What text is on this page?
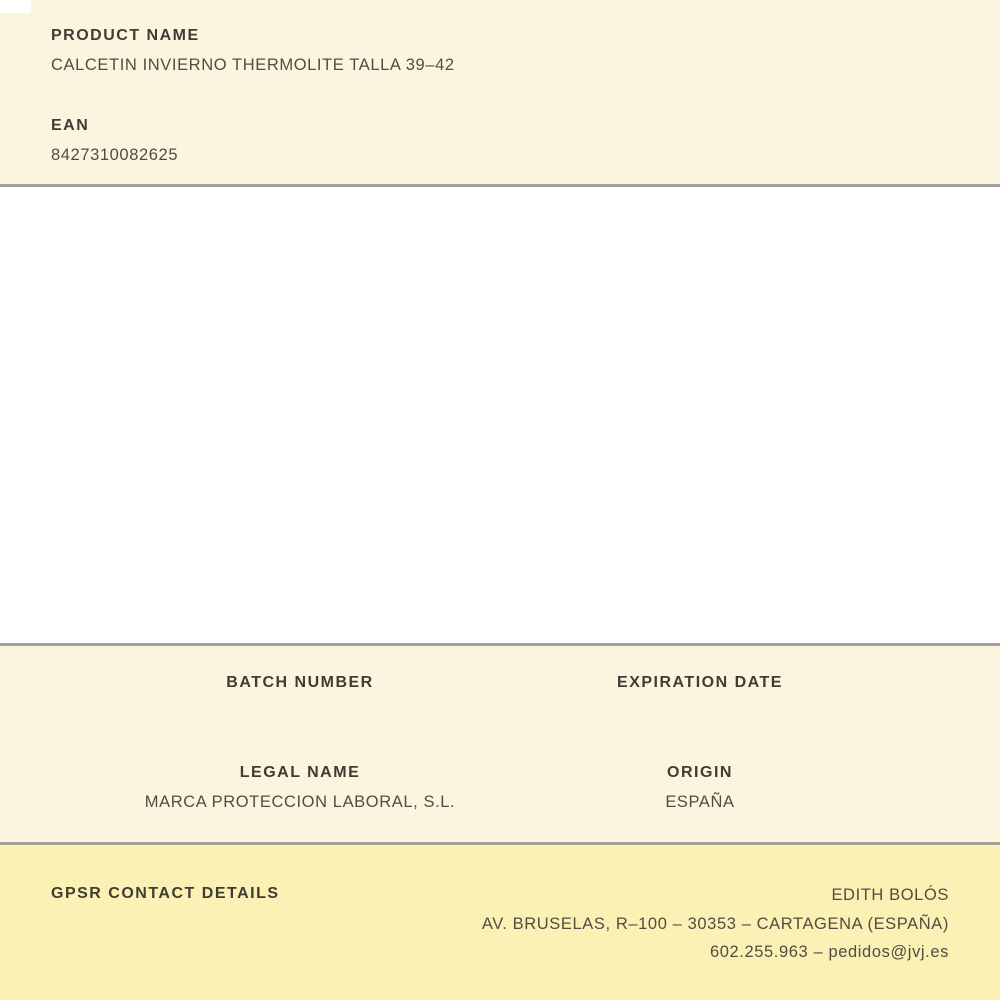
PRODUCT NAME
CALCETIN INVIERNO THERMOLITE TALLA 39–42
EAN
8427310082625
BATCH NUMBER	EXPIRATION DATE
LEGAL NAME
MARCA PROTECCION LABORAL, S.L.
ORIGIN
ESPAÑA
GPSR CONTACT DETAILS	EDITH BOLÓS
AV. BRUSELAS, R–100 – 30353 – CARTAGENA (ESPAÑA)
602.255.963 – pedidos@jvj.es
